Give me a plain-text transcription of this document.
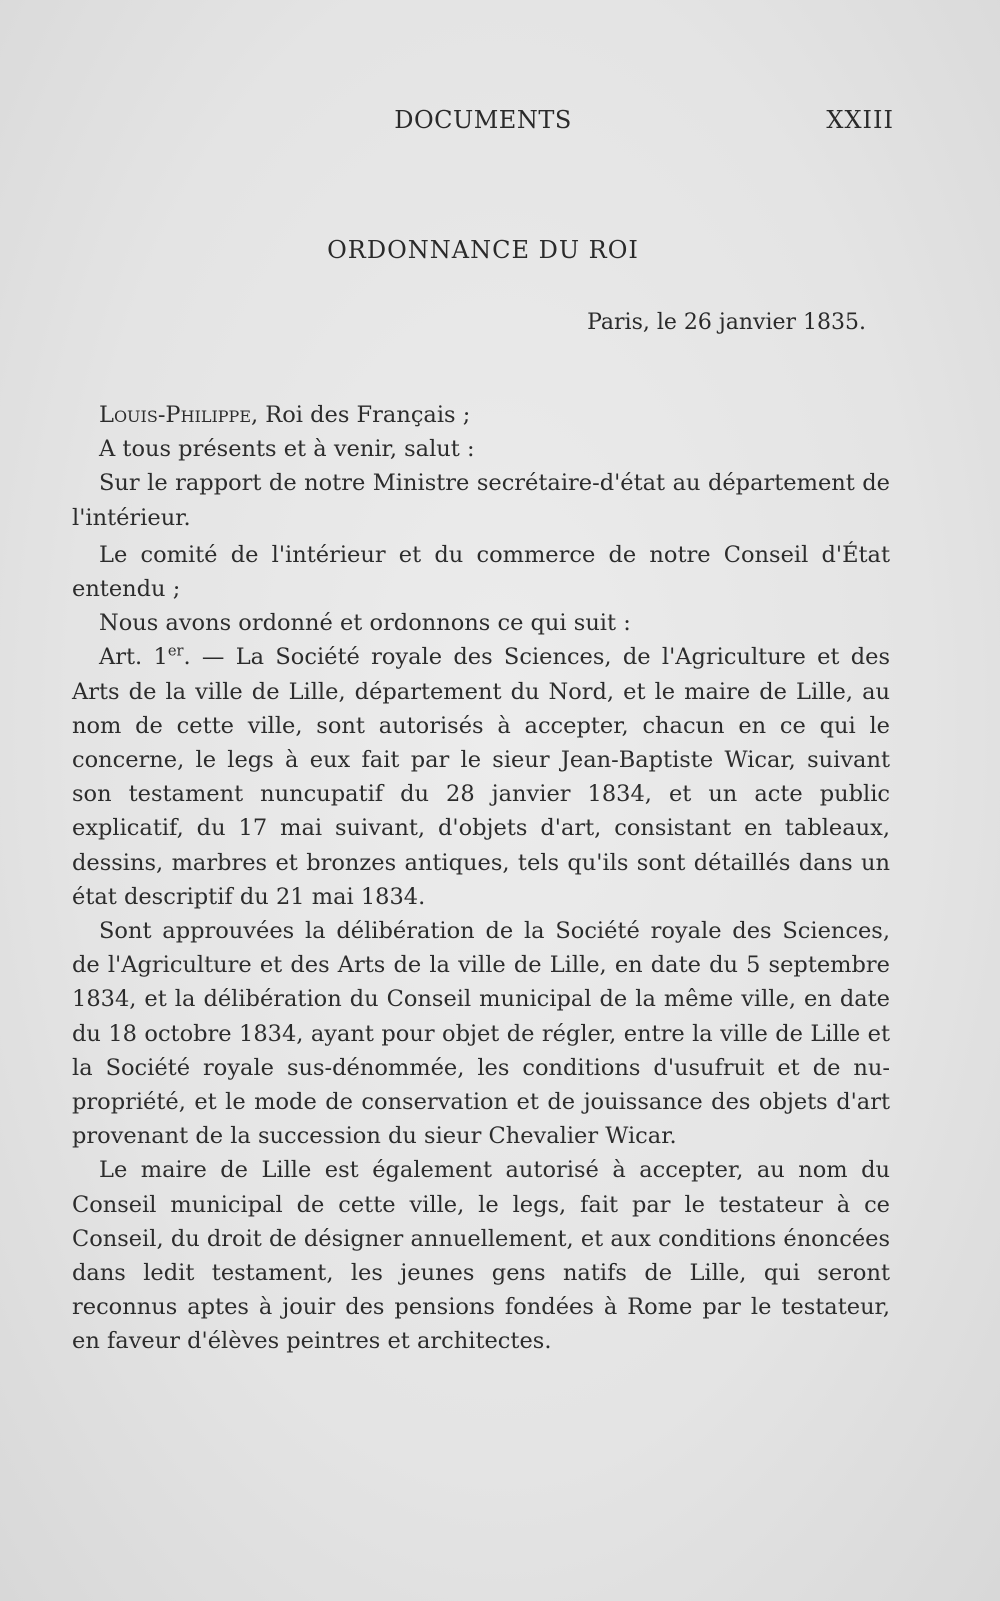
DOCUMENTS	XXIII
ORDONNANCE DU ROI
Paris, le 26 janvier 1835.

Louis-Philippe, Roi des Français ;

A tous présents et à venir, salut :

Sur le rapport de notre Ministre secrétaire-d'état au département de l'intérieur.

Le comité de l'intérieur et du commerce de notre Conseil d'État entendu ;

Nous avons ordonné et ordonnons ce qui suit :

Art. 1er. — La Société royale des Sciences, de l'Agriculture et des Arts de la ville de Lille, département du Nord, et le maire de Lille, au nom de cette ville, sont autorisés à accepter, chacun en ce qui le concerne, le legs à eux fait par le sieur Jean-Baptiste Wicar, suivant son testament nuncupatif du 28 janvier 1834, et un acte public explicatif, du 17 mai suivant, d'objets d'art, consistant en tableaux, dessins, marbres et bronzes antiques, tels qu'ils sont détaillés dans un état descriptif du 21 mai 1834.

Sont approuvées la délibération de la Société royale des Sciences, de l'Agriculture et des Arts de la ville de Lille, en date du 5 septembre 1834, et la délibération du Conseil municipal de la même ville, en date du 18 octobre 1834, ayant pour objet de régler, entre la ville de Lille et la Société royale sus-dénommée, les conditions d'usufruit et de nu-propriété, et le mode de conservation et de jouissance des objets d'art provenant de la succession du sieur Chevalier Wicar.

Le maire de Lille est également autorisé à accepter, au nom du Conseil municipal de cette ville, le legs, fait par le testateur à ce Conseil, du droit de désigner annuellement, et aux conditions énoncées dans ledit testament, les jeunes gens natifs de Lille, qui seront reconnus aptes à jouir des pensions fondées à Rome par le testateur, en faveur d'élèves peintres et architectes.
